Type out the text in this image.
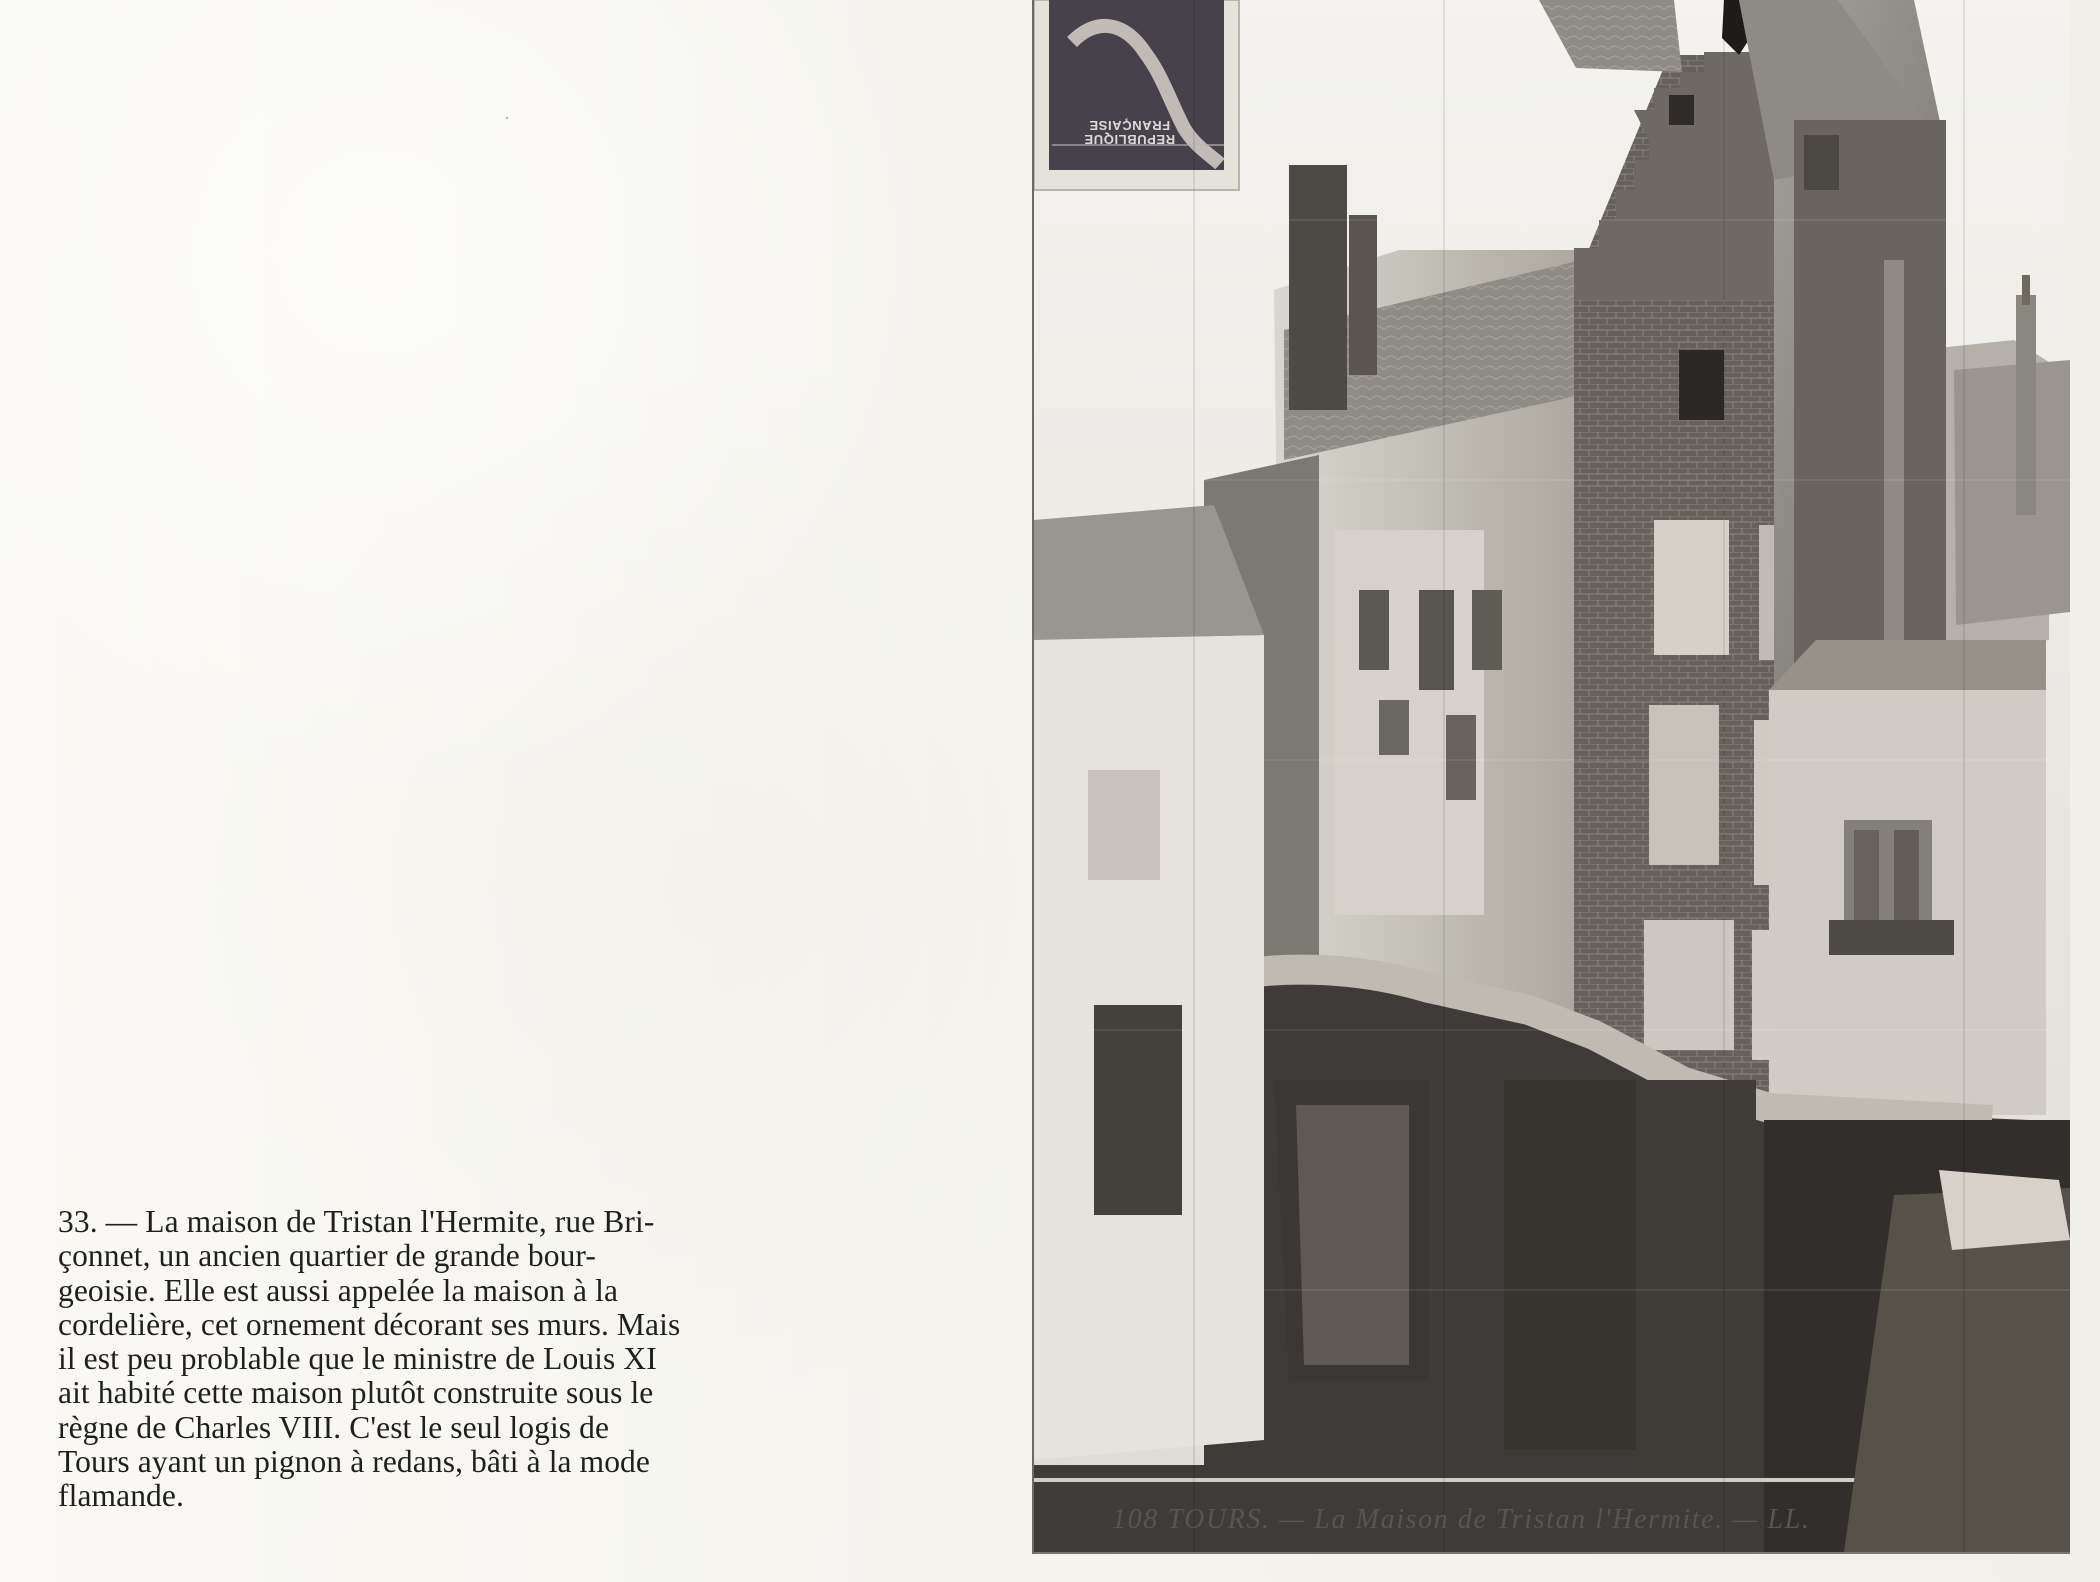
33. — La maison de Tristan l'Hermite, rue Bri-
çonnet, un ancien quartier de grande bour-
geoisie. Elle est aussi appelée la maison à la
cordelière, cet ornement décorant ses murs. Mais
il est peu problable que le ministre de Louis XI
ait habité cette maison plutôt construite sous le
règne de Charles VIII. C'est le seul logis de
Tours ayant un pignon à redans, bâti à la mode
flamande.
REPUBLIQUE FRANÇAISE
108 TOURS. — La Maison de Tristan l'Hermite. — LL.
